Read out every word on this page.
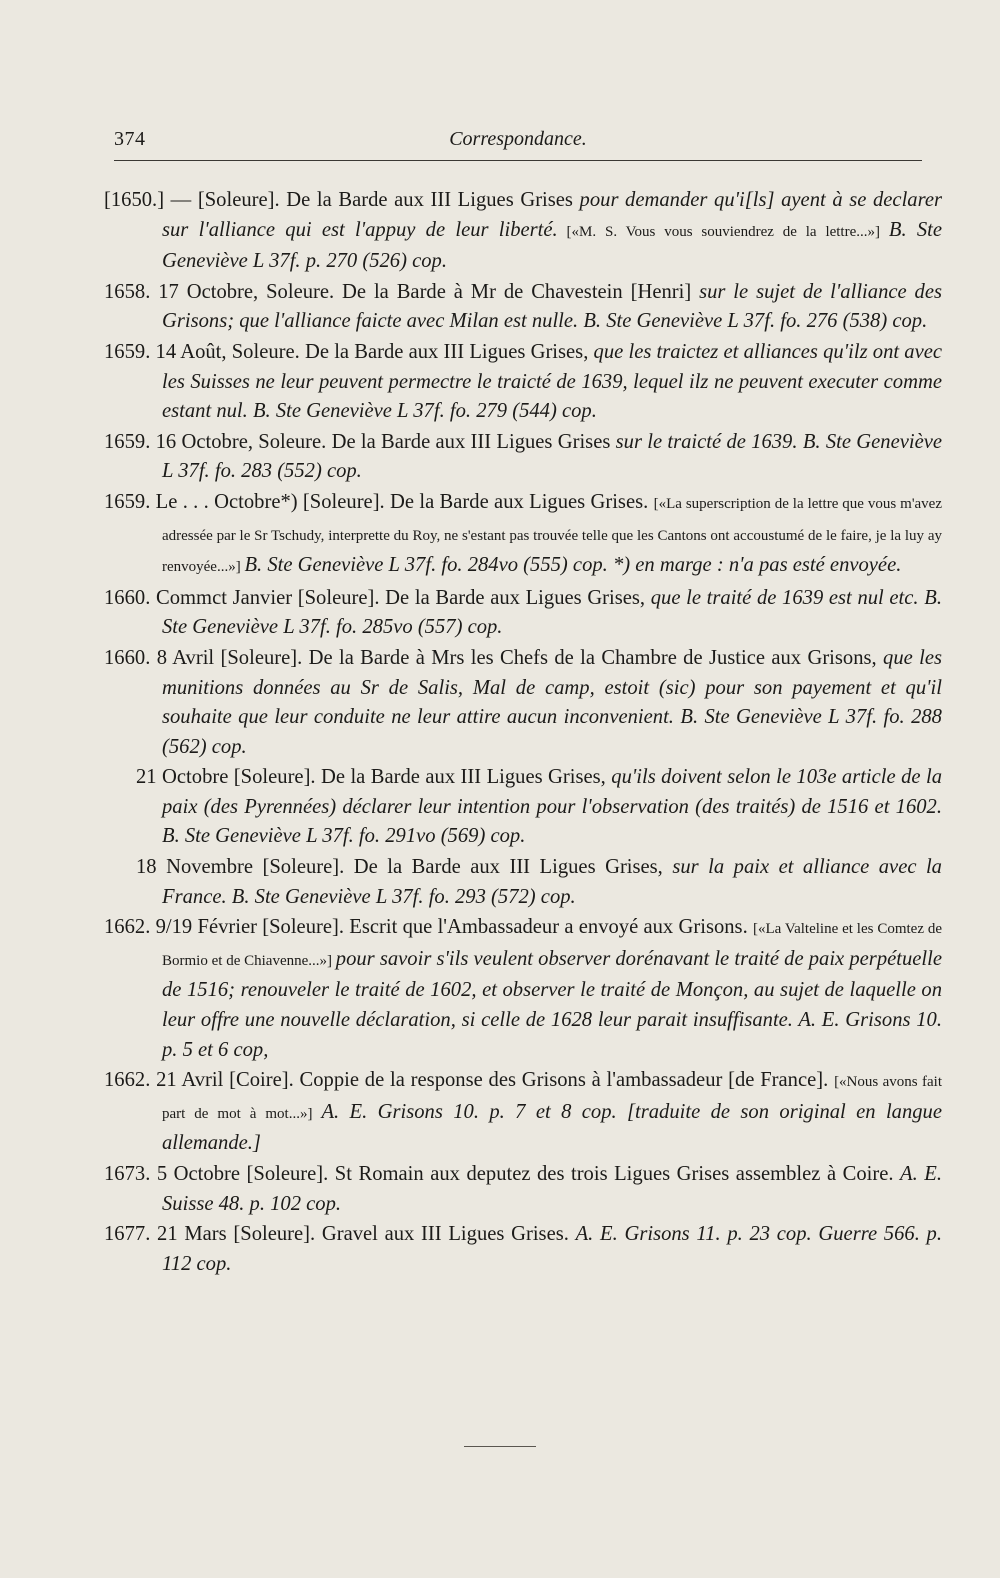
374	Correspondance.

[1650.] — [Soleure]. De la Barde aux III Ligues Grises pour demander qu'i[ls] ayent à se declarer sur l'alliance qui est l'appuy de leur liberté. [«M. S. Vous vous souviendrez de la lettre...»] B. Ste Geneviève L 37f. p. 270 (526) cop.

1658. 17 Octobre, Soleure. De la Barde à Mr de Chavestein [Henri] sur le sujet de l'alliance des Grisons; que l'alliance faicte avec Milan est nulle. B. Ste Geneviève L 37f. fo. 276 (538) cop.

1659. 14 Août, Soleure. De la Barde aux III Ligues Grises, que les traictez et alliances qu'ilz ont avec les Suisses ne leur peuvent permectre le traicté de 1639, lequel ilz ne peuvent executer comme estant nul. B. Ste Geneviève L 37f. fo. 279 (544) cop.

1659. 16 Octobre, Soleure. De la Barde aux III Ligues Grises sur le traicté de 1639. B. Ste Geneviève L 37f. fo. 283 (552) cop.

1659. Le . . . Octobre*) [Soleure]. De la Barde aux Ligues Grises. [«La superscription de la lettre que vous m'avez adressée par le Sr Tschudy, interprette du Roy, ne s'estant pas trouvée telle que les Cantons ont accoustumé de le faire, je la luy ay renvoyée...»] B. Ste Geneviève L 37f. fo. 284vo (555) cop. *) en marge : n'a pas esté envoyée.

1660. Commct Janvier [Soleure]. De la Barde aux Ligues Grises, que le traité de 1639 est nul etc. B. Ste Geneviève L 37f. fo. 285vo (557) cop.

1660. 8 Avril [Soleure]. De la Barde à Mrs les Chefs de la Chambre de Justice aux Grisons, que les munitions données au Sr de Salis, Mal de camp, estoit (sic) pour son payement et qu'il souhaite que leur conduite ne leur attire aucun inconvenient. B. Ste Geneviève L 37f. fo. 288 (562) cop.

21 Octobre [Soleure]. De la Barde aux III Ligues Grises, qu'ils doivent selon le 103e article de la paix (des Pyrennées) déclarer leur intention pour l'observation (des traités) de 1516 et 1602. B. Ste Geneviève L 37f. fo. 291vo (569) cop.

18 Novembre [Soleure]. De la Barde aux III Ligues Grises, sur la paix et alliance avec la France. B. Ste Geneviève L 37f. fo. 293 (572) cop.

1662. 9/19 Février [Soleure]. Escrit que l'Ambassadeur a envoyé aux Grisons. [«La Valteline et les Comtez de Bormio et de Chiavenne...»] pour savoir s'ils veulent observer dorénavant le traité de paix perpétuelle de 1516; renouveler le traité de 1602, et observer le traité de Monçon, au sujet de laquelle on leur offre une nouvelle déclaration, si celle de 1628 leur parait insuffisante. A. E. Grisons 10. p. 5 et 6 cop,

1662. 21 Avril [Coire]. Coppie de la response des Grisons à l'ambassadeur [de France]. [«Nous avons fait part de mot à mot...»] A. E. Grisons 10. p. 7 et 8 cop. [traduite de son original en langue allemande.]

1673. 5 Octobre [Soleure]. St Romain aux deputez des trois Ligues Grises assemblez à Coire. A. E. Suisse 48. p. 102 cop.

1677. 21 Mars [Soleure]. Gravel aux III Ligues Grises. A. E. Grisons 11. p. 23 cop. Guerre 566. p. 112 cop.
